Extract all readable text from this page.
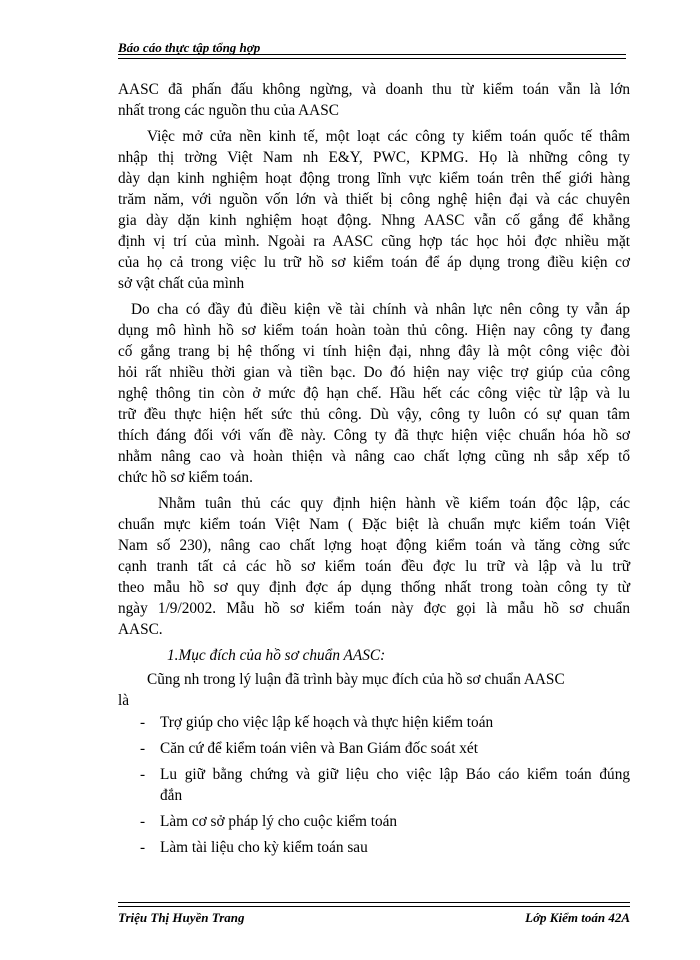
Báo cáo thực tập tổng hợp
AASC đã phấn đấu không ngừng, và doanh thu từ kiểm toán vẫn là lớn
nhất trong các nguồn thu của AASC
Việc mở cửa nền kinh tế, một loạt các công ty kiểm toán quốc tế thâm
nhập thị trờng Việt Nam nh E&Y, PWC, KPMG. Họ là những công ty
dày dạn kinh nghiệm hoạt động trong lĩnh vực kiểm toán trên thế giới hàng
trăm năm, với nguồn vốn lớn và thiết bị công nghệ hiện đại và các chuyên
gia dày dặn kinh nghiệm hoạt động. Nhng AASC vẫn cố gắng để khẳng
định vị trí của mình. Ngoài ra AASC cũng hợp tác học hỏi đợc nhiều mặt
của họ cả trong việc lu trữ hồ sơ kiểm toán để áp dụng trong điều kiện cơ
sở vật chất của mình
Do cha có đầy đủ điều kiện về tài chính và nhân lực nên công ty vẫn áp
dụng mô hình hồ sơ kiểm toán hoàn toàn thủ công. Hiện nay công ty đang
cố gắng trang bị hệ thống vi tính hiện đại, nhng đây là một công việc đòi
hỏi rất nhiều thời gian và tiền bạc. Do đó hiện nay việc trợ giúp của công
nghệ thông tin còn ở mức độ hạn chế. Hầu hết các công việc từ lập và lu
trữ đều thực hiện hết sức thủ công. Dù vậy, công ty luôn có sự quan tâm
thích đáng đối với vấn đề này. Công ty đã thực hiện việc chuẩn hóa hồ sơ
nhằm nâng cao và hoàn thiện và nâng cao chất lợng cũng nh sắp xếp tổ
chức hồ sơ kiểm toán.
Nhằm tuân thủ các quy định hiện hành về kiểm toán độc lập, các
chuẩn mực kiểm toán Việt Nam ( Đặc biệt là chuẩn mực kiểm toán Việt
Nam số 230), nâng cao chất lợng hoạt động kiểm toán và tăng cờng sức
cạnh tranh tất cả các hồ sơ kiểm toán đều đợc lu trữ và lập và lu trữ
theo mẫu hồ sơ quy định đợc áp dụng thống nhất trong toàn công ty từ
ngày 1/9/2002. Mẫu hồ sơ kiểm toán này đợc gọi là mẫu hồ sơ chuẩn
AASC.
1.Mục đích của hồ sơ chuẩn AASC:
Cũng nh trong lý luận đã trình bày mục đích của hồ sơ chuẩn AASC
là
- Trợ giúp cho việc lập kế hoạch và thực hiện kiểm toán
- Căn cứ để kiểm toán viên và Ban Giám đốc soát xét
- Lu giữ bằng chứng và giữ liệu cho việc lập Báo cáo kiểm toán đúng
đắn
- Làm cơ sở pháp lý cho cuộc kiểm toán
- Làm tài liệu cho kỳ kiểm toán sau
Triệu Thị Huyền Trang	Lớp Kiểm toán 42A
